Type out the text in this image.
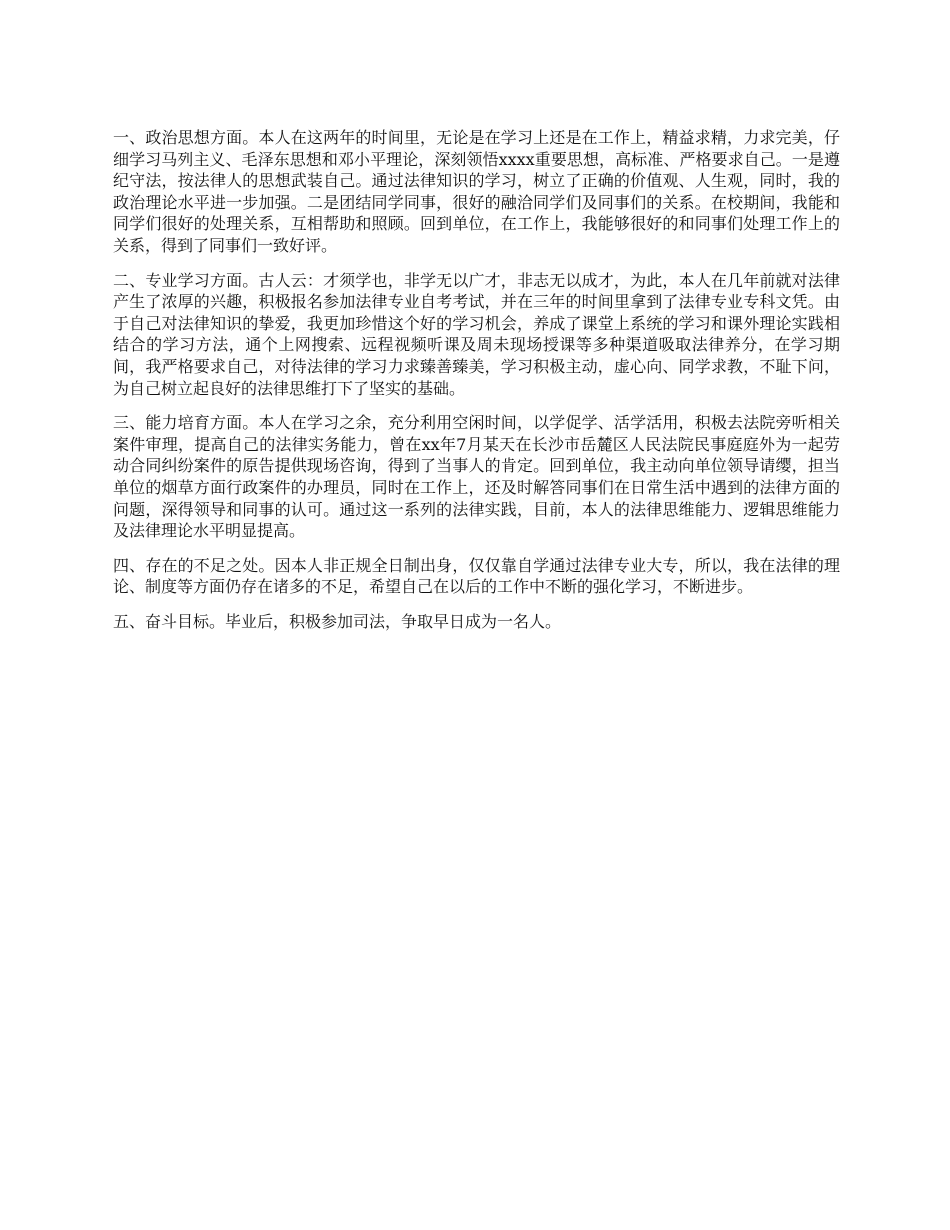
一、政治思想方面。本人在这两年的时间里，无论是在学习上还是在工作上，精益求精，力求完美，仔细学习马列主义、毛泽东思想和邓小平理论，深刻领悟xxxx重要思想，高标准、严格要求自己。一是遵纪守法，按法律人的思想武装自己。通过法律知识的学习，树立了正确的价值观、人生观，同时，我的政治理论水平进一步加强。二是团结同学同事，很好的融洽同学们及同事们的关系。在校期间，我能和同学们很好的处理关系，互相帮助和照顾。回到单位，在工作上，我能够很好的和同事们处理工作上的关系，得到了同事们一致好评。

二、专业学习方面。古人云：才须学也，非学无以广才，非志无以成才，为此，本人在几年前就对法律产生了浓厚的兴趣，积极报名参加法律专业自考考试，并在三年的时间里拿到了法律专业专科文凭。由于自己对法律知识的挚爱，我更加珍惜这个好的学习机会，养成了课堂上系统的学习和课外理论实践相结合的学习方法，通个上网搜索、远程视频听课及周未现场授课等多种渠道吸取法律养分，在学习期间，我严格要求自己，对待法律的学习力求臻善臻美，学习积极主动，虚心向、同学求教，不耻下问，为自己树立起良好的法律思维打下了坚实的基础。

三、能力培育方面。本人在学习之余，充分利用空闲时间，以学促学、活学活用，积极去法院旁听相关案件审理，提高自己的法律实务能力，曾在xx年7月某天在长沙市岳麓区人民法院民事庭庭外为一起劳动合同纠纷案件的原告提供现场咨询，得到了当事人的肯定。回到单位，我主动向单位领导请缨，担当单位的烟草方面行政案件的办理员，同时在工作上，还及时解答同事们在日常生活中遇到的法律方面的问题，深得领导和同事的认可。通过这一系列的法律实践，目前，本人的法律思维能力、逻辑思维能力及法律理论水平明显提高。

四、存在的不足之处。因本人非正规全日制出身，仅仅靠自学通过法律专业大专，所以，我在法律的理论、制度等方面仍存在诸多的不足，希望自己在以后的工作中不断的强化学习，不断进步。

五、奋斗目标。毕业后，积极参加司法，争取早日成为一名人。
